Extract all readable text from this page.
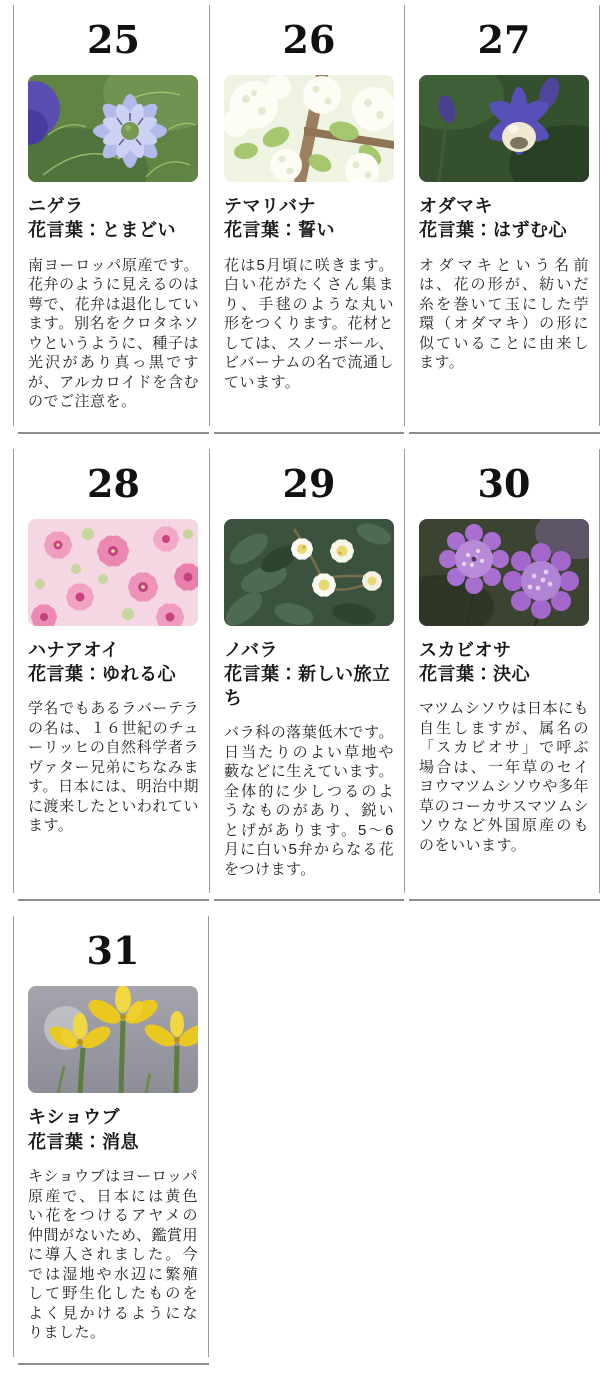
25
ニゲラ
花言葉：とまどい

南ヨーロッパ原産です。花弁のように見えるのは萼で、花弁は退化しています。別名をクロタネソウというように、種子は光沢があり真っ黒ですが、アルカロイドを含むのでご注意を。

26
テマリバナ
花言葉：誓い

花は5月頃に咲きます。白い花がたくさん集まり、手毬のような丸い形をつくります。花材としては、スノーボール、ビバーナムの名で流通しています。

27
オダマキ
花言葉：はずむ心

オダマキという名前は、花の形が、紡いだ糸を巻いて玉にした苧環（オダマキ）の形に似ていることに由来します。

28
ハナアオイ
花言葉：ゆれる心

学名でもあるラバーテラの名は、１６世紀のチューリッヒの自然科学者ラヴァター兄弟にちなみます。日本には、明治中期に渡来したといわれています。

29
ノバラ
花言葉：新しい旅立ち

バラ科の落葉低木です。日当たりのよい草地や藪などに生えています。全体的に少しつるのようなものがあり、鋭いとげがあります。5〜6月に白い5弁からなる花をつけます。

30
スカビオサ
花言葉：決心

マツムシソウは日本にも自生しますが、属名の「スカビオサ」で呼ぶ場合は、一年草のセイヨウマツムシソウや多年草のコーカサスマツムシソウなど外国原産のものをいいます。

31
キショウブ
花言葉：消息

キショウブはヨーロッパ原産で、日本には黄色い花をつけるアヤメの仲間がないため、鑑賞用に導入されました。今では湿地や水辺に繁殖して野生化したものをよく見かけるようになりました。
